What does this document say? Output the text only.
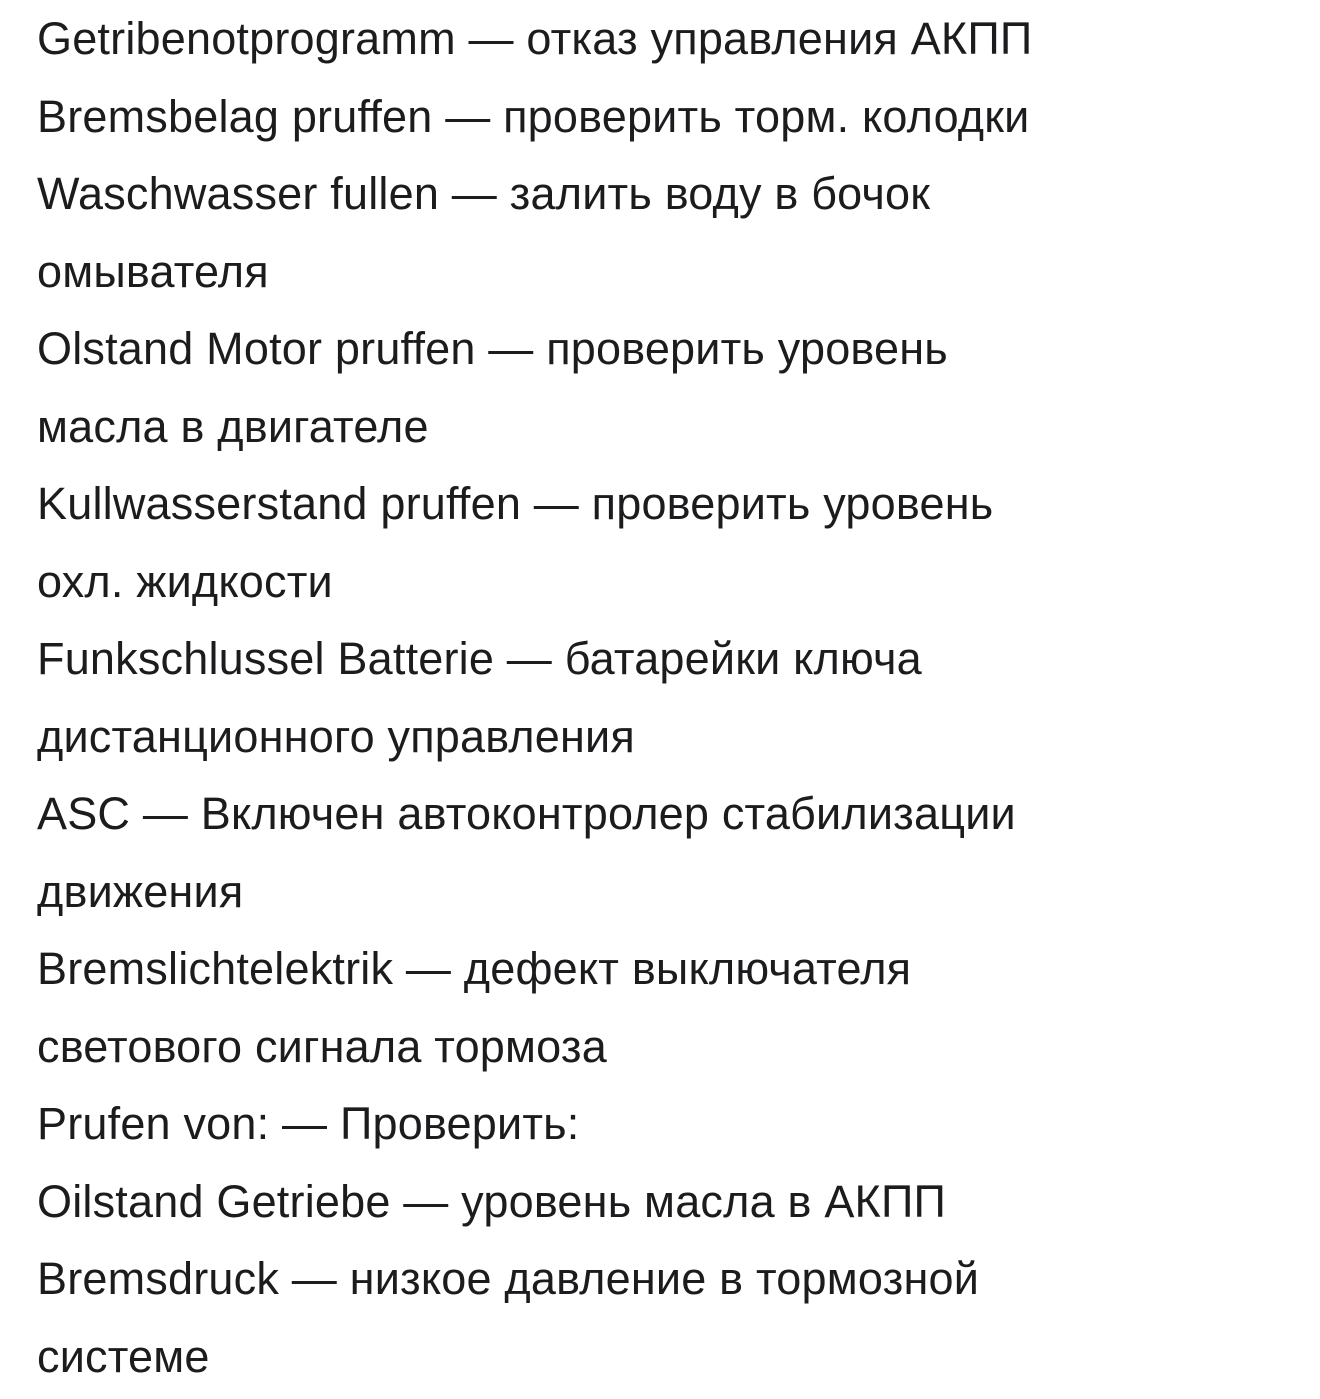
Getribenotprogramm — отказ управления АКПП
Bremsbelag pruffen — проверить торм. колодки
Waschwasser fullen — залить воду в бочок
омывателя
Olstand Motor pruffen — проверить уровень
масла в двигателе
Kullwasserstand pruffen — проверить уровень
охл. жидкости
Funkschlussel Batterie — батарейки ключа
дистанционного управления
ASC — Включен автоконтролер стабилизации
движения
Bremslichtelektrik — дефект выключателя
светового сигнала тормоза
Prufen von: — Проверить:
Oilstand Getriebe — уровень масла в АКПП
Bremsdruck — низкое давление в тормозной
системе
